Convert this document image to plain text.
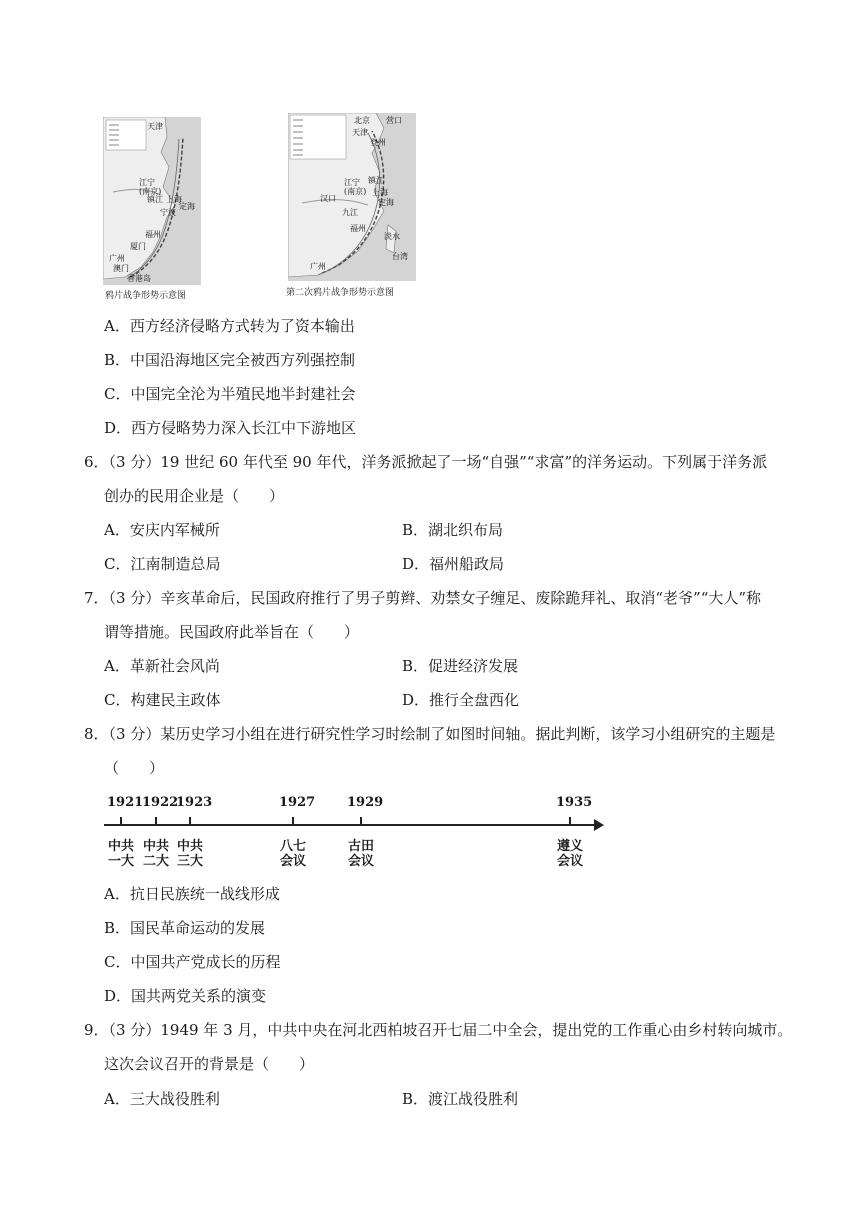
天津
江宁
(南京)
镇江 上海
宁波
定海
福州
厦门
广州
澳门
香港岛
鸦片战争形势示意图
北京
天津
营口
登州
江宁
(南京)
镇江
上海
汉口
九江
定海
福州
淡水
台湾
广州
第二次鸦片战争形势示意图
A．西方经济侵略方式转为了资本输出
B．中国沿海地区完全被西方列强控制
C．中国完全沦为半殖民地半封建社会
D．西方侵略势力深入长江中下游地区
6．（3 分）19 世纪 60 年代至 90 年代，洋务派掀起了一场“自强”“求富”的洋务运动。下列属于洋务派
创办的民用企业是（　　）
A．安庆内军械所	B．湖北织布局
C．江南制造总局	D．福州船政局
7．（3 分）辛亥革命后，民国政府推行了男子剪辫、劝禁女子缠足、废除跪拜礼、取消“老爷”“大人”称
谓等措施。民国政府此举旨在（　　）
A．革新社会风尚	B．促进经济发展
C．构建民主政体	D．推行全盘西化
8．（3 分）某历史学习小组在进行研究性学习时绘制了如图时间轴。据此判断，该学习小组研究的主题是
（　　）
1921
1922
1923	1927 1929	1935
中共
一大
中共
二大
中共
三大
八七
会议
古田
会议
遵义
会议
A．抗日民族统一战线形成
B．国民革命运动的发展
C．中国共产党成长的历程
D．国共两党关系的演变
9．（3 分）1949 年 3 月，中共中央在河北西柏坡召开七届二中全会，提出党的工作重心由乡村转向城市。
这次会议召开的背景是（　　）
A．三大战役胜利	B．渡江战役胜利
